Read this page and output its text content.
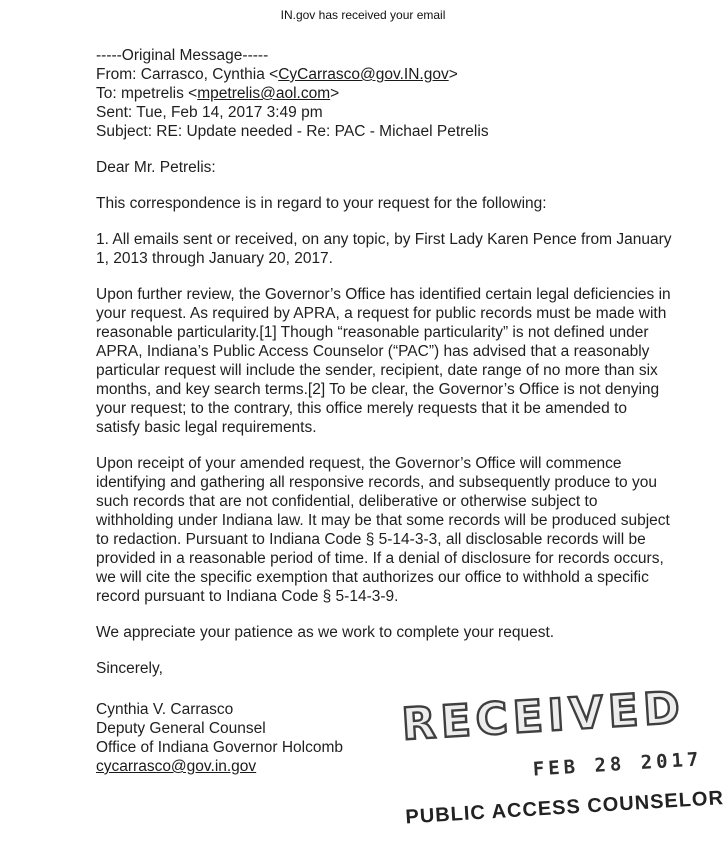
IN.gov has received your email
-----Original Message-----
From: Carrasco, Cynthia <CyCarrasco@gov.IN.gov>
To: mpetrelis <mpetrelis@aol.com>
Sent: Tue, Feb 14, 2017 3:49 pm
Subject: RE: Update needed - Re: PAC - Michael Petrelis

Dear Mr. Petrelis:

This correspondence is in regard to your request for the following:

1. All emails sent or received, on any topic, by First Lady Karen Pence from January 1, 2013 through January 20, 2017.

Upon further review, the Governor’s Office has identified certain legal deficiencies in your request. As required by APRA, a request for public records must be made with reasonable particularity.[1] Though “reasonable particularity” is not defined under APRA, Indiana’s Public Access Counselor (“PAC”) has advised that a reasonably particular request will include the sender, recipient, date range of no more than six months, and key search terms.[2] To be clear, the Governor’s Office is not denying your request; to the contrary, this office merely requests that it be amended to satisfy basic legal requirements.

Upon receipt of your amended request, the Governor’s Office will commence identifying and gathering all responsive records, and subsequently produce to you such records that are not confidential, deliberative or otherwise subject to withholding under Indiana law. It may be that some records will be produced subject to redaction. Pursuant to Indiana Code § 5-14-3-3, all disclosable records will be provided in a reasonable period of time. If a denial of disclosure for records occurs, we will cite the specific exemption that authorizes our office to withhold a specific record pursuant to Indiana Code § 5-14-3-9.

We appreciate your patience as we work to complete your request.

Sincerely,

Cynthia V. Carrasco
Deputy General Counsel
Office of Indiana Governor Holcomb
cycarrasco@gov.in.gov
RECEIVED
FEB 28 2017
PUBLIC ACCESS COUNSELOR
